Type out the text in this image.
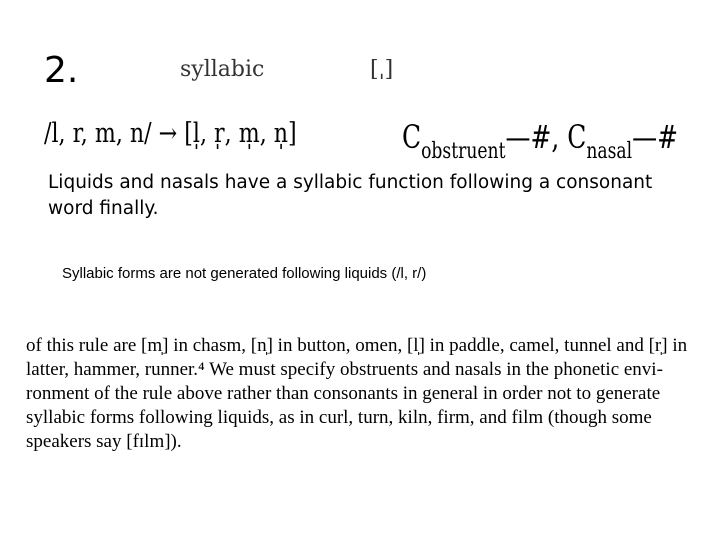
2.	syllabic	[ˌ]
/l, r, m, n/ → [l̩, r̩, m̩, n̩]	$C_{obstruent}—\#$, $C_{nasal}—\#$
Liquids and nasals have a syllabic function following a consonant word finally.
Syllabic forms are not generated following liquids (/l, r/)
of this rule are [m̩] in chasm, [n̩] in button, omen, [l̩] in paddle, camel, tunnel and [r̩] in
latter, hammer, runner.⁴ We must specify obstruents and nasals in the phonetic envi-
ronment of the rule above rather than consonants in general in order not to generate
syllabic forms following liquids, as in curl, turn, kiln, firm, and film (though some
speakers say [fɪlm]).
